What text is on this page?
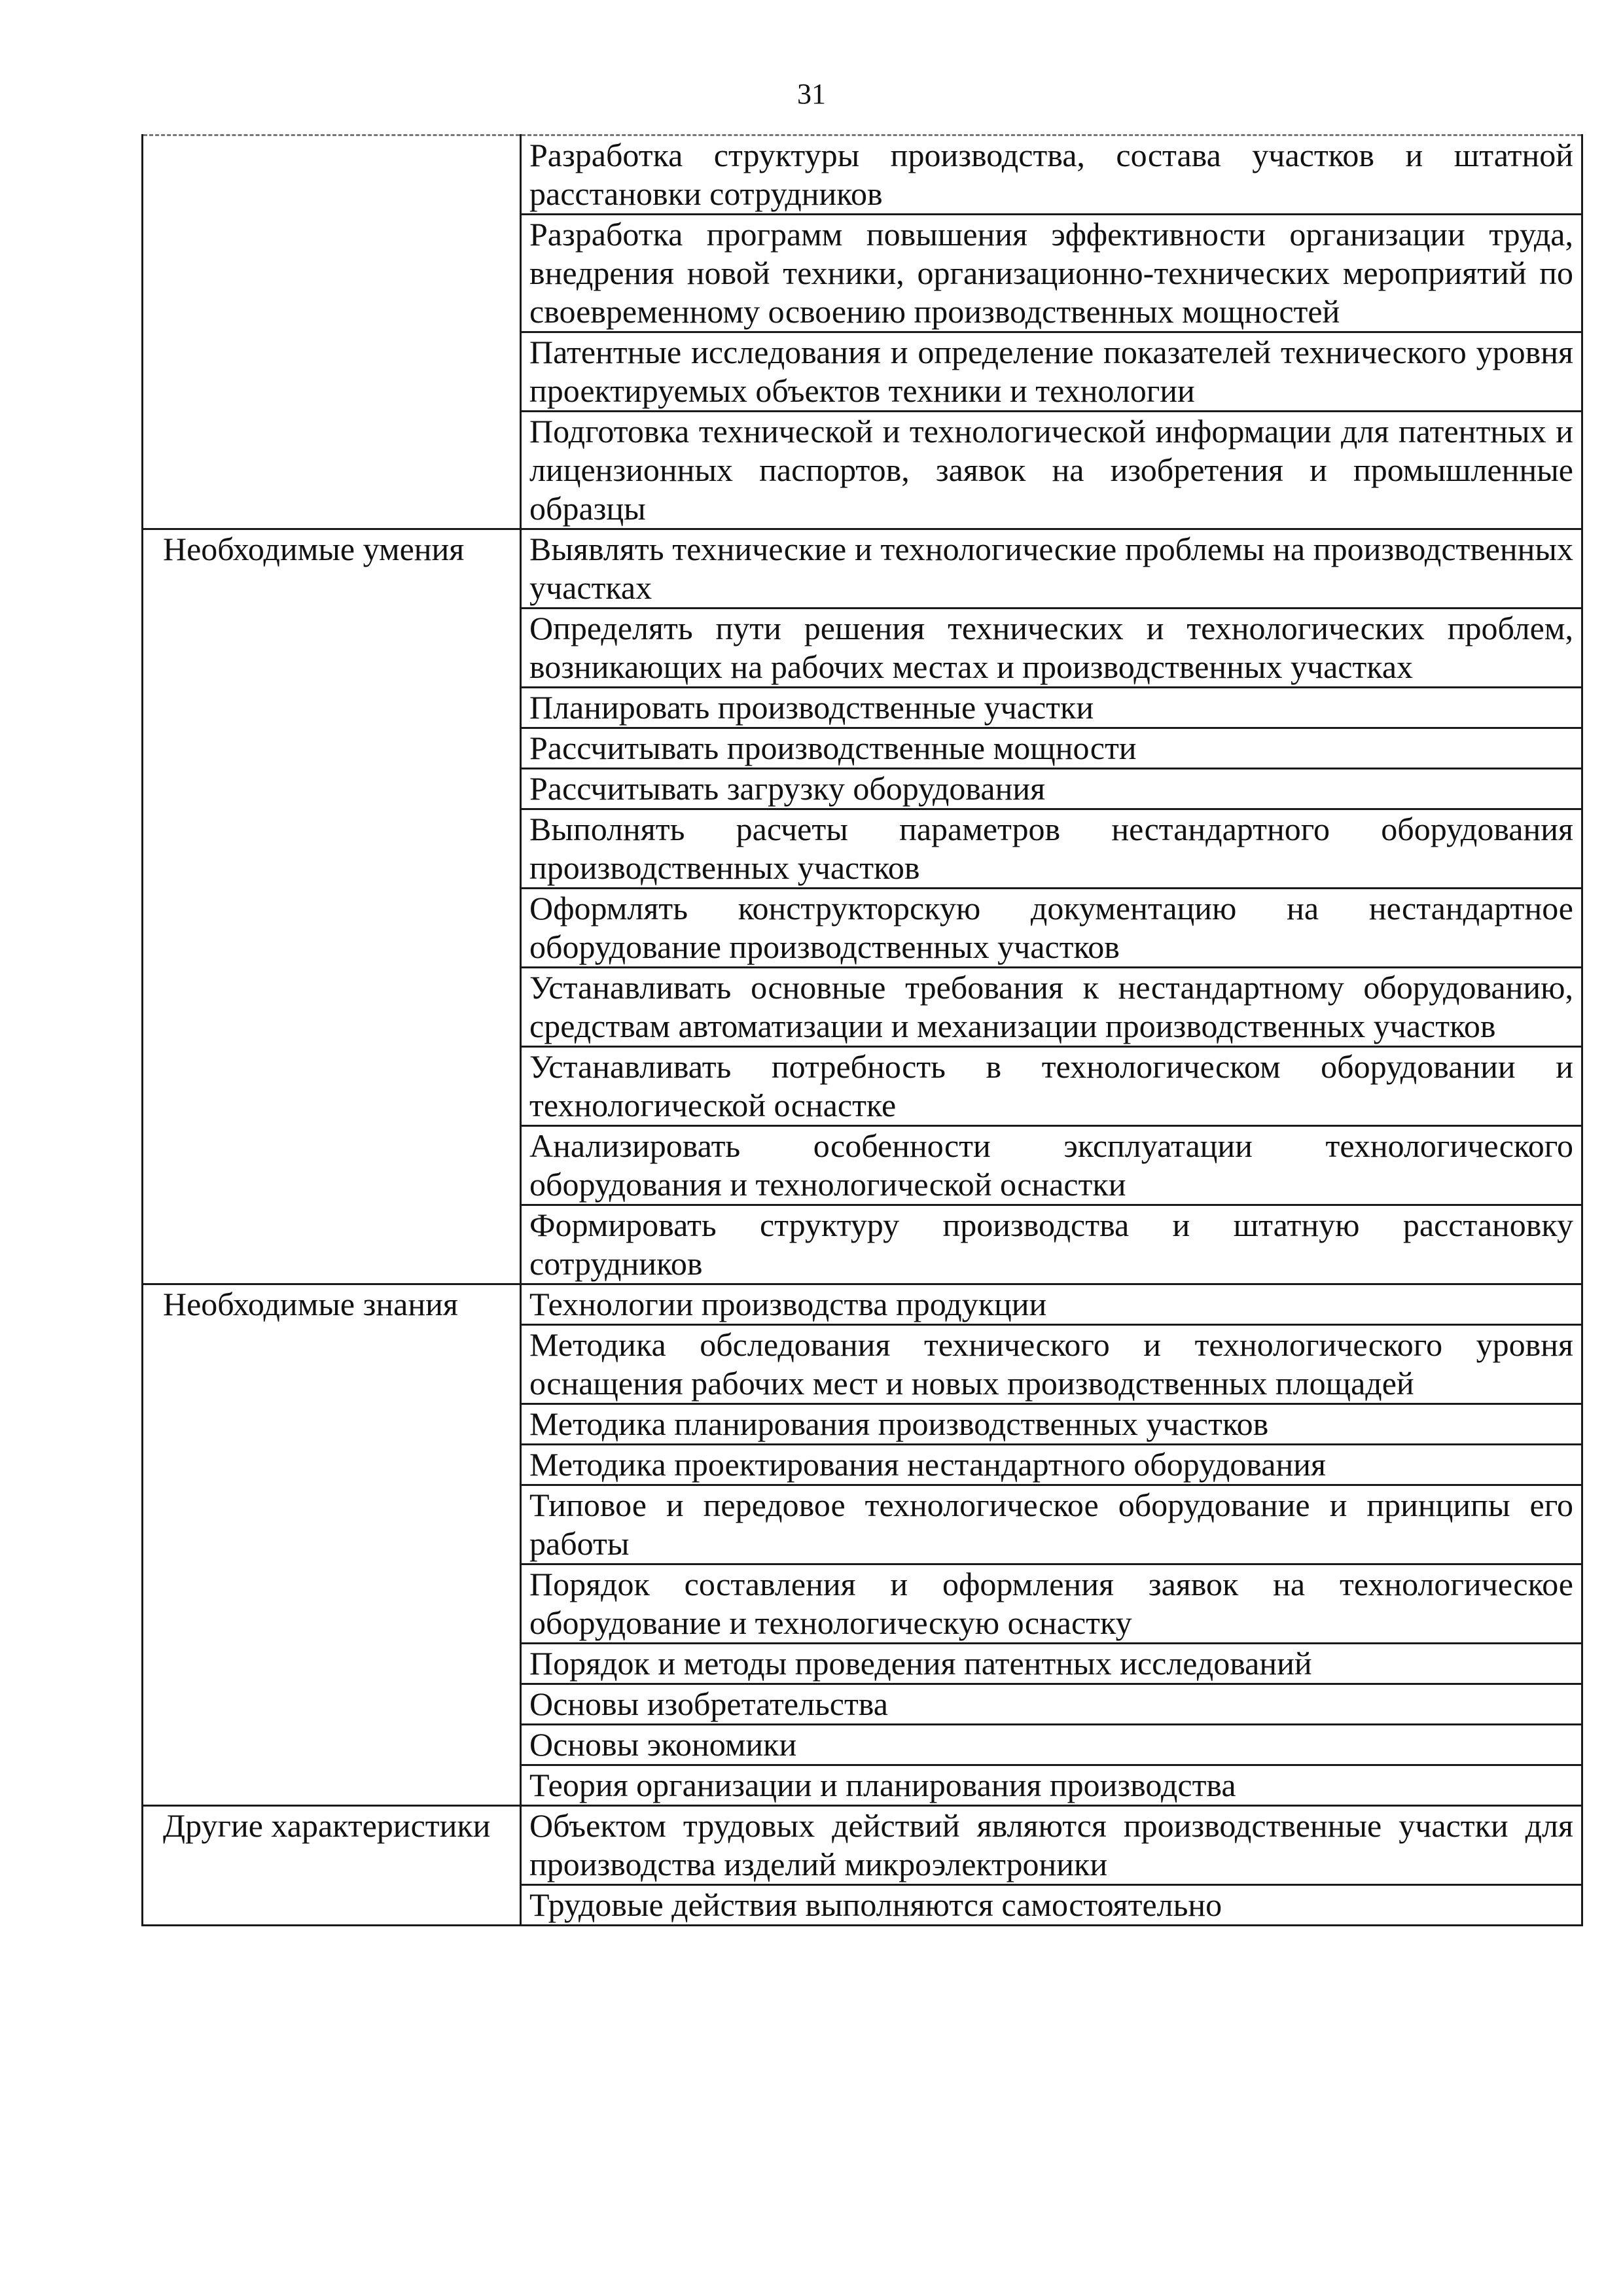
31
	Разработка структуры производства, состава участков и штатной расстановки сотрудников
	Разработка программ повышения эффективности организации труда, внедрения новой техники, организационно-технических мероприятий по своевременному освоению производственных мощностей
	Патентные исследования и определение показателей технического уровня проектируемых объектов техники и технологии
	Подготовка технической и технологической информации для патентных и лицензионных паспортов, заявок на изобретения и промышленные образцы
Необходимые умения	Выявлять технические и технологические проблемы на производственных участках
	Определять пути решения технических и технологических проблем, возникающих на рабочих местах и производственных участках
	Планировать производственные участки
	Рассчитывать производственные мощности
	Рассчитывать загрузку оборудования
	Выполнять расчеты параметров нестандартного оборудования производственных участков
	Оформлять конструкторскую документацию на нестандартное оборудование производственных участков
	Устанавливать основные требования к нестандартному оборудованию, средствам автоматизации и механизации производственных участков
	Устанавливать потребность в технологическом оборудовании и технологической оснастке
	Анализировать особенности эксплуатации технологического оборудования и технологической оснастки
	Формировать структуру производства и штатную расстановку сотрудников
Необходимые знания	Технологии производства продукции
	Методика обследования технического и технологического уровня оснащения рабочих мест и новых производственных площадей
	Методика планирования производственных участков
	Методика проектирования нестандартного оборудования
	Типовое и передовое технологическое оборудование и принципы его работы
	Порядок составления и оформления заявок на технологическое оборудование и технологическую оснастку
	Порядок и методы проведения патентных исследований
	Основы изобретательства
	Основы экономики
	Теория организации и планирования производства
Другие характеристики	Объектом трудовых действий являются производственные участки для производства изделий микроэлектроники
	Трудовые действия выполняются самостоятельно
